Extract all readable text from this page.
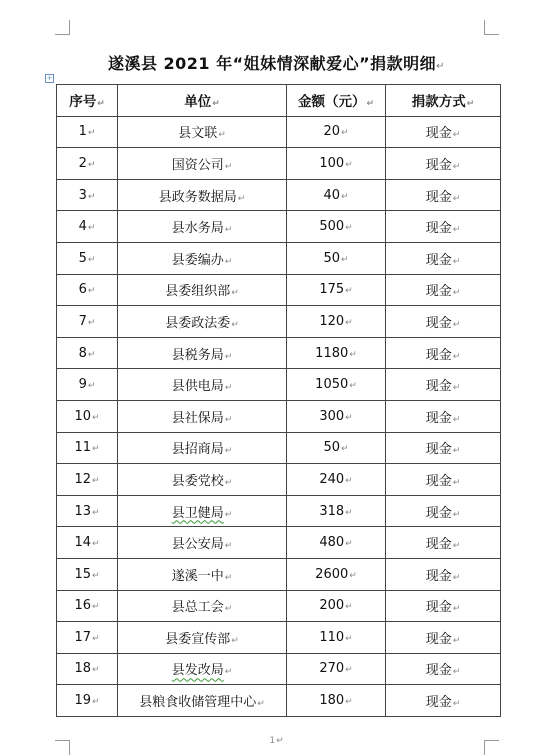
遂溪县 2021 年“姐妹情深献爱心”捐款明细↵
+
序号↵	单位↵	金额（元）↵	捐款方式↵
1↵	县文联↵	20↵	现金↵
2↵	国资公司↵	100↵	现金↵
3↵	县政务数据局↵	40↵	现金↵
4↵	县水务局↵	500↵	现金↵
5↵	县委编办↵	50↵	现金↵
6↵	县委组织部↵	175↵	现金↵
7↵	县委政法委↵	120↵	现金↵
8↵	县税务局↵	1180↵	现金↵
9↵	县供电局↵	1050↵	现金↵
10↵	县社保局↵	300↵	现金↵
11↵	县招商局↵	50↵	现金↵
12↵	县委党校↵	240↵	现金↵
13↵	县卫健局↵	318↵	现金↵
14↵	县公安局↵	480↵	现金↵
15↵	遂溪一中↵	2600↵	现金↵
16↵	县总工会↵	200↵	现金↵
17↵	县委宣传部↵	110↵	现金↵
18↵	县发改局↵	270↵	现金↵
19↵	县粮食收储管理中心↵	180↵	现金↵
1↵
